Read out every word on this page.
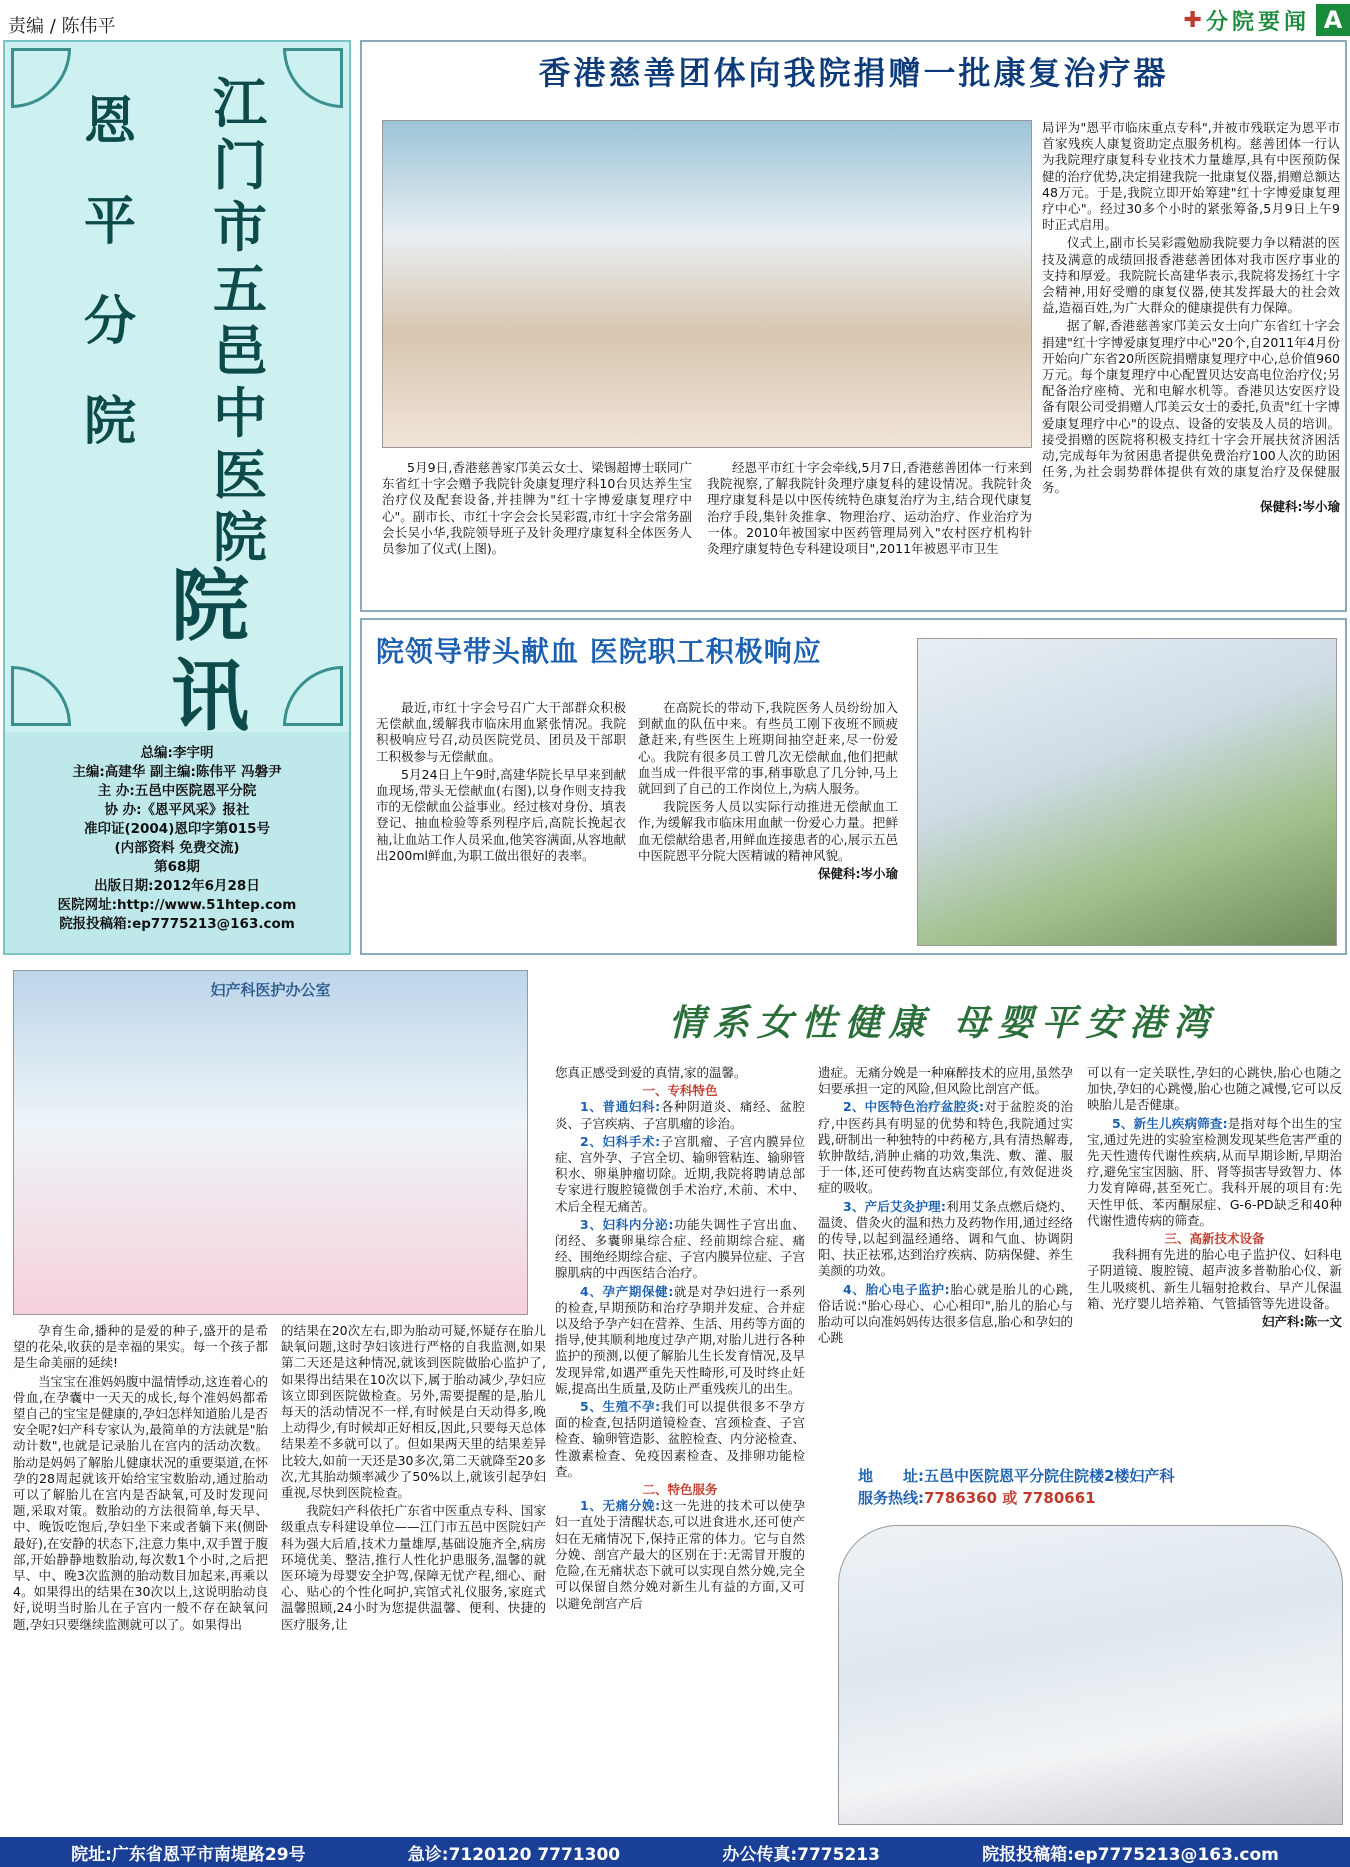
责编 / 陈伟平	✚ 分院要闻 A
江门市五邑中医院
恩平分院
院讯
总编:李宇明
主编:高建华 副主编:陈伟平 冯磐尹
主 办:五邑中医院恩平分院
协 办:《恩平风采》报社
准印证(2004)恩印字第015号
(内部资料 免费交流)
第68期
出版日期:2012年6月28日
医院网址:http://www.51htep.com
院报投稿箱:ep7775213@163.com
香港慈善团体向我院捐赠一批康复治疗器

5月9日,香港慈善家邝美云女士、梁锡超博士联同广东省红十字会赠予我院针灸康复理疗科10台贝达养生宝治疗仪及配套设备,并挂牌为"红十字博爱康复理疗中心"。副市长、市红十字会会长吴彩霞,市红十字会常务副会长吴小华,我院领导班子及针灸理疗康复科全体医务人员参加了仪式(上图)。

经恩平市红十字会牵线,5月7日,香港慈善团体一行来到我院视察,了解我院针灸理疗康复科的建设情况。我院针灸理疗康复科是以中医传统特色康复治疗为主,结合现代康复治疗手段,集针灸推拿、物理治疗、运动治疗、作业治疗为一体。2010年被国家中医药管理局列入"农村医疗机构针灸理疗康复特色专科建设项目",2011年被恩平市卫生

局评为"恩平市临床重点专科",并被市残联定为恩平市首家残疾人康复资助定点服务机构。慈善团体一行认为我院理疗康复科专业技术力量雄厚,具有中医预防保健的治疗优势,决定捐建我院一批康复仪器,捐赠总额达48万元。于是,我院立即开始筹建"红十字博爱康复理疗中心"。经过30多个小时的紧张筹备,5月9日上午9时正式启用。

仪式上,副市长吴彩霞勉励我院要力争以精湛的医技及满意的成绩回报香港慈善团体对我市医疗事业的支持和厚爱。我院院长高建华表示,我院将发扬红十字会精神,用好受赠的康复仪器,使其发挥最大的社会效益,造福百姓,为广大群众的健康提供有力保障。

据了解,香港慈善家邝美云女士向广东省红十字会捐建"红十字博爱康复理疗中心"20个,自2011年4月份开始向广东省20所医院捐赠康复理疗中心,总价值960万元。每个康复理疗中心配置贝达安高电位治疗仪;另配备治疗座椅、光和电解水机等。香港贝达安医疗设备有限公司受捐赠人邝美云女士的委托,负责"红十字博爱康复理疗中心"的设点、设备的安装及人员的培训。接受捐赠的医院将积极支持红十字会开展扶贫济困活动,完成每年为贫困患者提供免费治疗100人次的助困任务,为社会弱势群体提供有效的康复治疗及保健服务。

保健科:岑小瑜
院领导带头献血 医院职工积极响应

最近,市红十字会号召广大干部群众积极无偿献血,缓解我市临床用血紧张情况。我院积极响应号召,动员医院党员、团员及干部职工积极参与无偿献血。

5月24日上午9时,高建华院长早早来到献血现场,带头无偿献血(右图),以身作则支持我市的无偿献血公益事业。经过核对身份、填表登记、抽血检验等系列程序后,高院长挽起衣袖,让血站工作人员采血,他笑容满面,从容地献出200ml鲜血,为职工做出很好的表率。

在高院长的带动下,我院医务人员纷纷加入到献血的队伍中来。有些员工刚下夜班不顾疲惫赶来,有些医生上班期间抽空赶来,尽一份爱心。我院有很多员工曾几次无偿献血,他们把献血当成一件很平常的事,稍事歇息了几分钟,马上就回到了自己的工作岗位上,为病人服务。

我院医务人员以实际行动推进无偿献血工作,为缓解我市临床用血献一份爱心力量。把鲜血无偿献给患者,用鲜血连接患者的心,展示五邑中医院恩平分院大医精诚的精神风貌。

保健科:岑小瑜
妇产科医护办公室
情系女性健康 母婴平安港湾

孕育生命,播种的是爱的种子,盛开的是希望的花朵,收获的是幸福的果实。每一个孩子都是生命美丽的延续!

当宝宝在准妈妈腹中温情悸动,这连着心的骨血,在孕囊中一天天的成长,每个准妈妈都希望自己的宝宝是健康的,孕妇怎样知道胎儿是否安全呢?妇产科专家认为,最简单的方法就是"胎动计数",也就是记录胎儿在宫内的活动次数。胎动是妈妈了解胎儿健康状况的重要渠道,在怀孕的28周起就该开始给宝宝数胎动,通过胎动可以了解胎儿在宫内是否缺氧,可及时发现问题,采取对策。数胎动的方法很简单,每天早、中、晚饭吃饱后,孕妇坐下来或者躺下来(侧卧最好),在安静的状态下,注意力集中,双手置于腹部,开始静静地数胎动,每次数1个小时,之后把早、中、晚3次监测的胎动数目加起来,再乘以4。如果得出的结果在30次以上,这说明胎动良好,说明当时胎儿在子宫内一般不存在缺氧问题,孕妇只要继续监测就可以了。如果得出

的结果在20次左右,即为胎动可疑,怀疑存在胎儿缺氧问题,这时孕妇该进行严格的自我监测,如果第二天还是这种情况,就该到医院做胎心监护了,如果得出结果在10次以下,属于胎动减少,孕妇应该立即到医院做检查。另外,需要提醒的是,胎儿每天的活动情况不一样,有时候是白天动得多,晚上动得少,有时候却正好相反,因此,只要每天总体结果差不多就可以了。但如果两天里的结果差异比较大,如前一天还是30多次,第二天就降至20多次,尤其胎动频率减少了50%以上,就该引起孕妇重视,尽快到医院检查。

我院妇产科依托广东省中医重点专科、国家级重点专科建设单位——江门市五邑中医院妇产科为强大后盾,技术力量雄厚,基础设施齐全,病房环境优美、整洁,推行人性化护患服务,温馨的就医环境为母婴安全护驾,保障无忧产程,细心、耐心、贴心的个性化呵护,宾馆式礼仪服务,家庭式温馨照顾,24小时为您提供温馨、便利、快捷的医疗服务,让

您真正感受到爱的真情,家的温馨。

一、专科特色

1、普通妇科:各种阴道炎、痛经、盆腔炎、子宫疾病、子宫肌瘤的诊治。

2、妇科手术:子宫肌瘤、子宫内膜异位症、宫外孕、子宫全切、输卵管粘连、输卵管积水、卵巢肿瘤切除。近期,我院将聘请总部专家进行腹腔镜微创手术治疗,术前、术中、术后全程无痛苦。

3、妇科内分泌:功能失调性子宫出血、闭经、多囊卵巢综合症、经前期综合症、痛经、围绝经期综合症、子宫内膜异位症、子宫腺肌病的中西医结合治疗。

4、孕产期保健:就是对孕妇进行一系列的检查,早期预防和治疗孕期并发症、合并症以及给予孕产妇在营养、生活、用药等方面的指导,使其顺利地度过孕产期,对胎儿进行各种监护的预测,以便了解胎儿生长发育情况,及早发现异常,如遇严重先天性畸形,可及时终止妊娠,提高出生质量,及防止严重残疾儿的出生。

5、生殖不孕:我们可以提供很多不孕方面的检查,包括阴道镜检查、宫颈检查、子宫检查、输卵管造影、盆腔检查、内分泌检查、性激素检查、免疫因素检查、及排卵功能检查。

二、特色服务

1、无痛分娩:这一先进的技术可以使孕妇一直处于清醒状态,可以进食进水,还可使产妇在无痛情况下,保持正常的体力。它与自然分娩、剖宫产最大的区别在于:无需冒开腹的危险,在无痛状态下就可以实现自然分娩,完全可以保留自然分娩对新生儿有益的方面,又可以避免剖宫产后

遗症。无痛分娩是一种麻醉技术的应用,虽然孕妇要承担一定的风险,但风险比剖宫产低。

2、中医特色治疗盆腔炎:对于盆腔炎的治疗,中医药具有明显的优势和特色,我院通过实践,研制出一种独特的中药秘方,具有清热解毒,软肿散结,消肿止痛的功效,集洗、敷、灌、服于一体,还可使药物直达病变部位,有效促进炎症的吸收。

3、产后艾灸护理:利用艾条点燃后烧灼、温烫、借灸火的温和热力及药物作用,通过经络的传导,以起到温经通络、调和气血、协调阴阳、扶正祛邪,达到治疗疾病、防病保健、养生美颜的功效。

4、胎心电子监护:胎心就是胎儿的心跳,俗话说:"胎心母心、心心相印",胎儿的胎心与胎动可以向准妈妈传达很多信息,胎心和孕妇的心跳

可以有一定关联性,孕妇的心跳快,胎心也随之加快,孕妇的心跳慢,胎心也随之减慢,它可以反映胎儿是否健康。

5、新生儿疾病筛查:是指对每个出生的宝宝,通过先进的实验室检测发现某些危害严重的先天性遗传代谢性疾病,从而早期诊断,早期治疗,避免宝宝因脑、肝、肾等损害导致智力、体力发育障碍,甚至死亡。我科开展的项目有:先天性甲低、苯丙酮尿症、G-6-PD缺乏和40种代谢性遗传病的筛查。

三、高新技术设备

我科拥有先进的胎心电子监护仪、妇科电子阴道镜、腹腔镜、超声波多普勒胎心仪、新生儿吸痰机、新生儿辐射抢救台、早产儿保温箱、光疗婴儿培养箱、气管插管等先进设备。

妇产科:陈一文
地　　址:五邑中医院恩平分院住院楼2楼妇产科
服务热线:7786360 或 7780661
院址:广东省恩平市南堤路29号	急诊:7120120 7771300	办公传真:7775213	院报投稿箱:ep7775213@163.com
